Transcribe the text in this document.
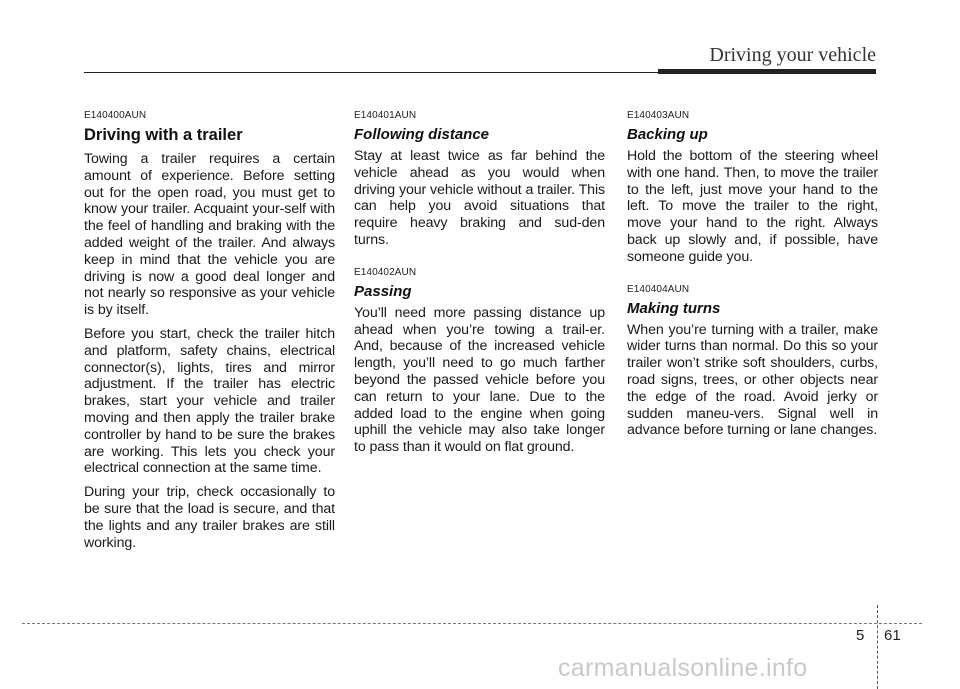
Driving your vehicle
E140400AUN
Driving with a trailer

Towing a trailer requires a certain amount of experience. Before setting out for the open road, you must get to know your trailer. Acquaint your-self with the feel of handling and braking with the added weight of the trailer. And always keep in mind that the vehicle you are driving is now a good deal longer and not nearly so responsive as your vehicle is by itself.

Before you start, check the trailer hitch and platform, safety chains, electrical connector(s), lights, tires and mirror adjustment. If the trailer has electric brakes, start your vehicle and trailer moving and then apply the trailer brake controller by hand to be sure the brakes are working. This lets you check your electrical connection at the same time.

During your trip, check occasionally to be sure that the load is secure, and that the lights and any trailer brakes are still working.

E140401AUN
Following distance

Stay at least twice as far behind the vehicle ahead as you would when driving your vehicle without a trailer. This can help you avoid situations that require heavy braking and sud-den turns.

E140402AUN
Passing

You’ll need more passing distance up ahead when you’re towing a trail-er. And, because of the increased vehicle length, you’ll need to go much farther beyond the passed vehicle before you can return to your lane. Due to the added load to the engine when going uphill the vehicle may also take longer to pass than it would on flat ground.

E140403AUN
Backing up

Hold the bottom of the steering wheel with one hand. Then, to move the trailer to the left, just move your hand to the left. To move the trailer to the right, move your hand to the right. Always back up slowly and, if possible, have someone guide you.

E140404AUN
Making turns

When you’re turning with a trailer, make wider turns than normal. Do this so your trailer won’t strike soft shoulders, curbs, road signs, trees, or other objects near the edge of the road. Avoid jerky or sudden maneu-vers. Signal well in advance before turning or lane changes.

5 61
carmanualsonline.info
